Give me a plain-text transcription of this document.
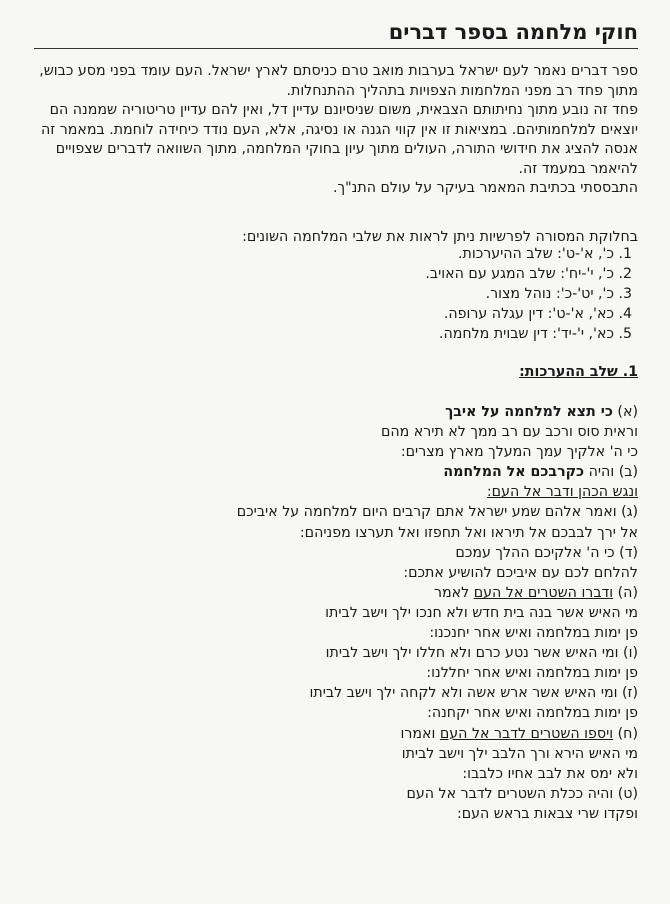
חוקי מלחמה בספר דברים

ספר דברים נאמר לעם ישראל בערבות מואב טרם כניסתם לארץ ישראל. העם עומד בפני מסע כבוש,

מתוך פחד רב מפני המלחמות הצפויות בתהליך ההתנחלות.

פחד זה נובע מתוך נחיתותם הצבאית, משום שניסיונם עדיין דל, ואין להם עדיין טריטוריה שממנה הם

יוצאים למלחמותיהם. במציאות זו אין קווי הגנה או נסיגה, אלא, העם נודד כיחידה לוחמת. במאמר זה

אנסה להציג את חידושי התורה, העולים מתוך עיון בחוקי המלחמה, מתוך השוואה לדברים שצפויים

להיאמר במעמד זה.

התבססתי בכתיבת המאמר בעיקר על עולם התנ"ך.

בחלוקת המסורה לפרשיות ניתן לראות את שלבי המלחמה השונים:
1. כ', א'-ט': שלב ההיערכות.
2. כ', י'-יח': שלב המגע עם האויב.
3. כ', יט'-כ': נוהל מצור.
4. כא', א'-ט': דין עגלה ערופה.
5. כא', י'-יד': דין שבוית מלחמה.
1. שלב ההערכות:
(א) כי תצא למלחמה על איבך
וראית סוס ורכב עם רב ממך לא תירא מהם
כי ה' אלקיך עמך המעלך מארץ מצרים:
(ב) והיה כקרבכם אל המלחמה
ונגש הכהן ודבר אל העם:
(ג) ואמר אלהם שמע ישראל אתם קרבים היום למלחמה על איביכם
אל ירך לבבכם אל תיראו ואל תחפזו ואל תערצו מפניהם:
(ד) כי ה' אלקיכם ההלך עמכם
להלחם לכם עם איביכם להושיע אתכם:
(ה) ודברו השטרים אל העם לאמר
מי האיש אשר בנה בית חדש ולא חנכו ילך וישב לביתו
פן ימות במלחמה ואיש אחר יחנכנו:
(ו) ומי האיש אשר נטע כרם ולא חללו ילך וישב לביתו
פן ימות במלחמה ואיש אחר יחללנו:
(ז) ומי האיש אשר ארש אשה ולא לקחה ילך וישב לביתו
פן ימות במלחמה ואיש אחר יקחנה:
(ח) ויספו השטרים לדבר אל העם ואמרו
מי האיש הירא ורך הלבב ילך וישב לביתו
ולא ימס את לבב אחיו כלבבו:
(ט) והיה ככלת השטרים לדבר אל העם
ופקדו שרי צבאות בראש העם:
